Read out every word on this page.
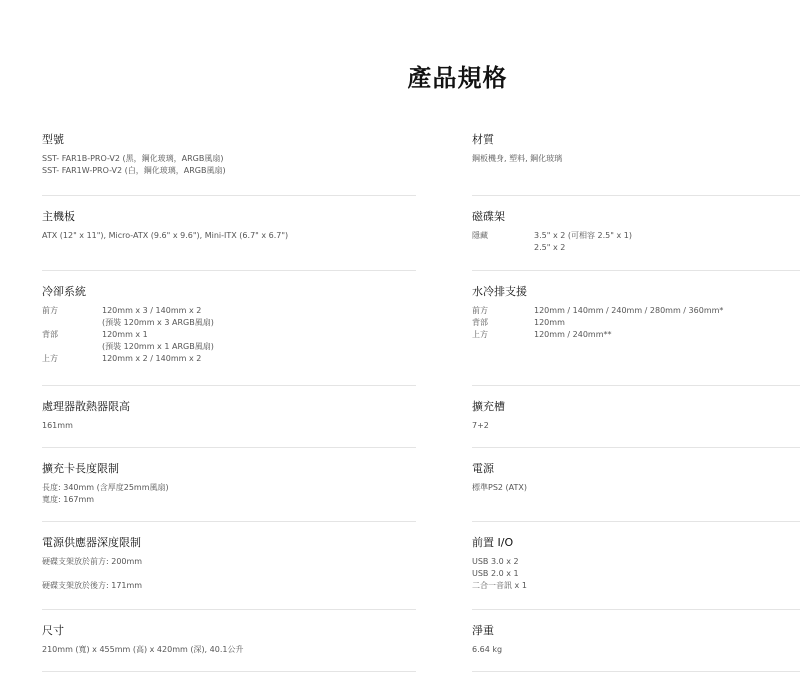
產品規格
型號
SST- FAR1B-PRO-V2 (黑，鋼化玻璃，ARGB風扇)
SST- FAR1W-PRO-V2 (白，鋼化玻璃，ARGB風扇)
材質
鋼板機身, 塑料, 鋼化玻璃
主機板
ATX (12" x 11"), Micro-ATX (9.6" x 9.6"), Mini-ITX (6.7" x 6.7")
磁碟架
隱藏	3.5" x 2 (可相容 2.5" x 1)
2.5" x 2
冷卻系統
前方	120mm x 3 / 140mm x 2
(預裝 120mm x 3 ARGB風扇)
背部	120mm x 1
(預裝 120mm x 1 ARGB風扇)
上方	120mm x 2 / 140mm x 2
水冷排支援
前方	120mm / 140mm / 240mm / 280mm / 360mm*
背部	120mm
上方	120mm / 240mm**
處理器散熱器限高
161mm
擴充槽
7+2
擴充卡長度限制
長度: 340mm (含厚度25mm風扇)
寬度: 167mm
電源
標準PS2 (ATX)
電源供應器深度限制
硬碟支架放於前方: 200mm
硬碟支架放於後方: 171mm
前置 I/O
USB 3.0 x 2
USB 2.0 x 1
二合一音訊 x 1
尺寸
210mm (寬) x 455mm (高) x 420mm (深), 40.1公升
淨重
6.64 kg
